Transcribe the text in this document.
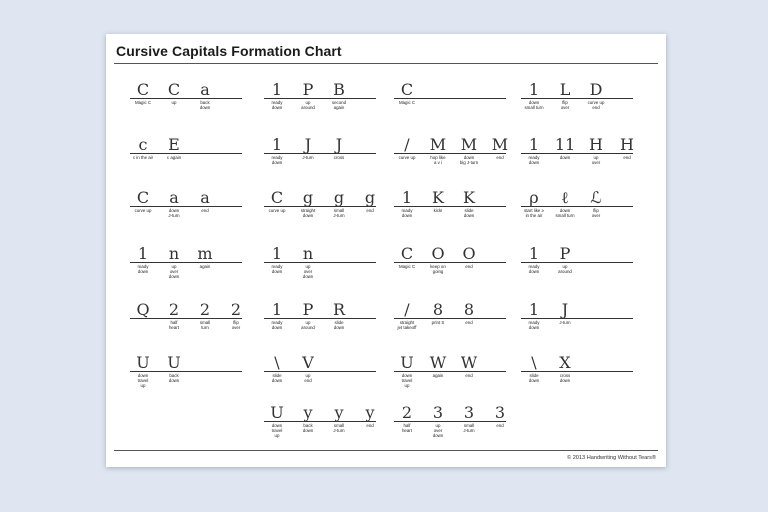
Cursive Capitals Formation Chart
C
Magic C
C
up
a
back
down
1
ready
down
P
up
around
B
second
again
C
Magic C
1
down
small turn
L
flip
over
D
curve up
end
c
c in the air
E
c again
1
ready
down
J
J-turn
J
cross
/
curve up
M
hop like
a v i
M
down
big J-turn
M
end
1
ready
down
11
down
H
up
over
H
end
C
curve up
a
down
J-turn
a
end
C
curve up
g
straight
down
g
small
J-turn
g
end
1
ready
down
K
kick!
K
slide
down
ρ
start like ≥
in the air
ℓ
down
small turn
ℒ
flip
over
1
ready
down
n
up
over
down
m
again
1
ready
down
n
up
over
down
C
Magic C
O
keep on
going
O
end
1
ready
down
P
up
around
Q	2
half
heart
2
small
turn
2
flip
over
1
ready
down
P
up
around
R
slide
down
/
straight
jet takeoff
8
print S
8
end
1
ready
down
J
J-turn
U
down
travel
up
U
back
down
\
slide
down
V
up
end
U
down
travel
up
W
again
W
end
\
slide
down
X
cross
down
U
down
travel
up
y
back
down
y
small
J-turn
y
end
2
half
heart
3
up
over
down
3
small
J-turn
3
end
© 2013 Handwriting Without Tears®
